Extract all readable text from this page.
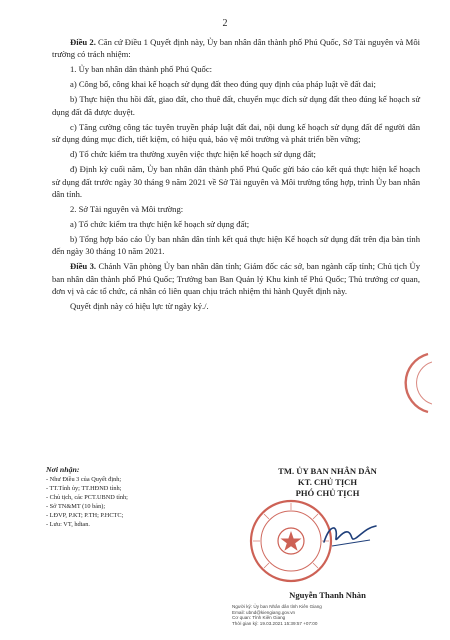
2

Điều 2. Căn cứ Điều 1 Quyết định này, Ủy ban nhân dân thành phố Phú Quốc, Sở Tài nguyên và Môi trường có trách nhiệm:

1. Ủy ban nhân dân thành phố Phú Quốc:

a) Công bố, công khai kế hoạch sử dụng đất theo đúng quy định của pháp luật về đất đai;

b) Thực hiện thu hồi đất, giao đất, cho thuê đất, chuyển mục đích sử dụng đất theo đúng kế hoạch sử dụng đất đã được duyệt.

c) Tăng cường công tác tuyên truyền pháp luật đất đai, nội dung kế hoạch sử dụng đất để người dân sử dụng đúng mục đích, tiết kiệm, có hiệu quả, bảo vệ môi trường và phát triển bền vững;

d) Tổ chức kiểm tra thường xuyên việc thực hiện kế hoạch sử dụng đất;

đ) Định kỳ cuối năm, Ủy ban nhân dân thành phố Phú Quốc gửi báo cáo kết quả thực hiện kế hoạch sử dụng đất trước ngày 30 tháng 9 năm 2021 về Sở Tài nguyên và Môi trường tổng hợp, trình Ủy ban nhân dân tỉnh.

2. Sở Tài nguyên và Môi trường:

a) Tổ chức kiểm tra thực hiện kế hoạch sử dụng đất;

b) Tổng hợp báo cáo Ủy ban nhân dân tỉnh kết quả thực hiện Kế hoạch sử dụng đất trên địa bàn tỉnh đến ngày 30 tháng 10 năm 2021.

Điều 3. Chánh Văn phòng Ủy ban nhân dân tỉnh; Giám đốc các sở, ban ngành cấp tỉnh; Chủ tịch Ủy ban nhân dân thành phố Phú Quốc; Trưởng ban Ban Quản lý Khu kinh tế Phú Quốc; Thủ trưởng cơ quan, đơn vị và các tổ chức, cá nhân có liên quan chịu trách nhiệm thi hành Quyết định này.

Quyết định này có hiệu lực từ ngày ký./.

Nơi nhận:
- Như Điều 3 của Quyết định;
- TT.Tỉnh ủy; TT.HĐND tỉnh;
- Chủ tịch, các PCT.UBND tỉnh;
- Sở TN&MT (10 bản);
- LĐVP, P.KT; P.TH; P.HCTC;
- Lưu: VT, hdtan.
TM. ỦY BAN NHÂN DÂN
KT. CHỦ TỊCH
PHÓ CHỦ TỊCH
Nguyễn Thanh Nhàn
Người ký: Ủy ban Nhân dân tỉnh Kiên Giang
Email: ubnd@kiengiang.gov.vn
Cơ quan: Tỉnh Kiên Giang
Thời gian ký: 19.03.2021 15:39:57 +07:00
